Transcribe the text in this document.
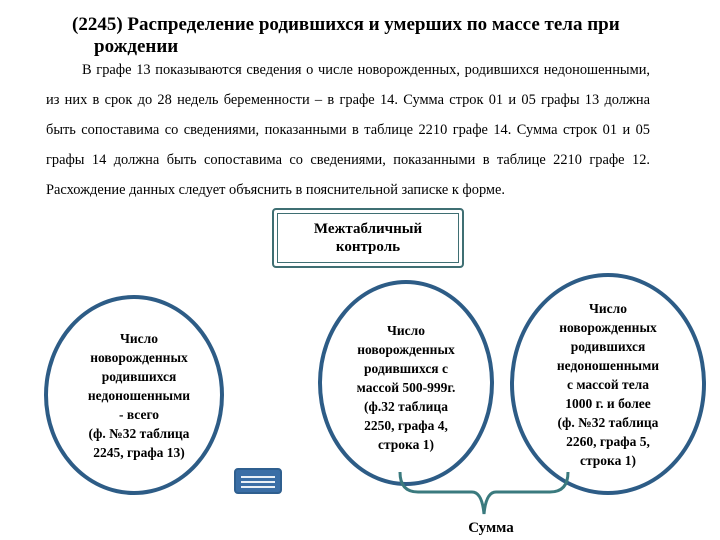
(2245) Распределение родившихся и умерших по массе тела при
рождении
В графе 13 показываются сведения о числе новорожденных, родившихся недоношенными, из них в срок до 28 недель беременности – в графе 14. Сумма строк 01 и 05 графы 13 должна быть сопоставима со сведениями, показанными в таблице 2210 графе 14. Сумма строк 01 и 05 графы 14 должна быть сопоставима со сведениями, показанными в таблице 2210 графе 12. Расхождение данных следует объяснить в пояснительной записке к форме.
Межтабличный
контроль
Число
новорожденных
родившихся
недоношенными
- всего
(ф. №32 таблица
2245, графа 13)
Число
новорожденных
родившихся с
массой 500-999г.
(ф.32 таблица
2250, графа 4,
строка 1)
Число
новорожденных
родившихся
недоношенными
с массой тела
1000 г. и более
(ф. №32 таблица
2260, графа 5,
строка 1)
Сумма
